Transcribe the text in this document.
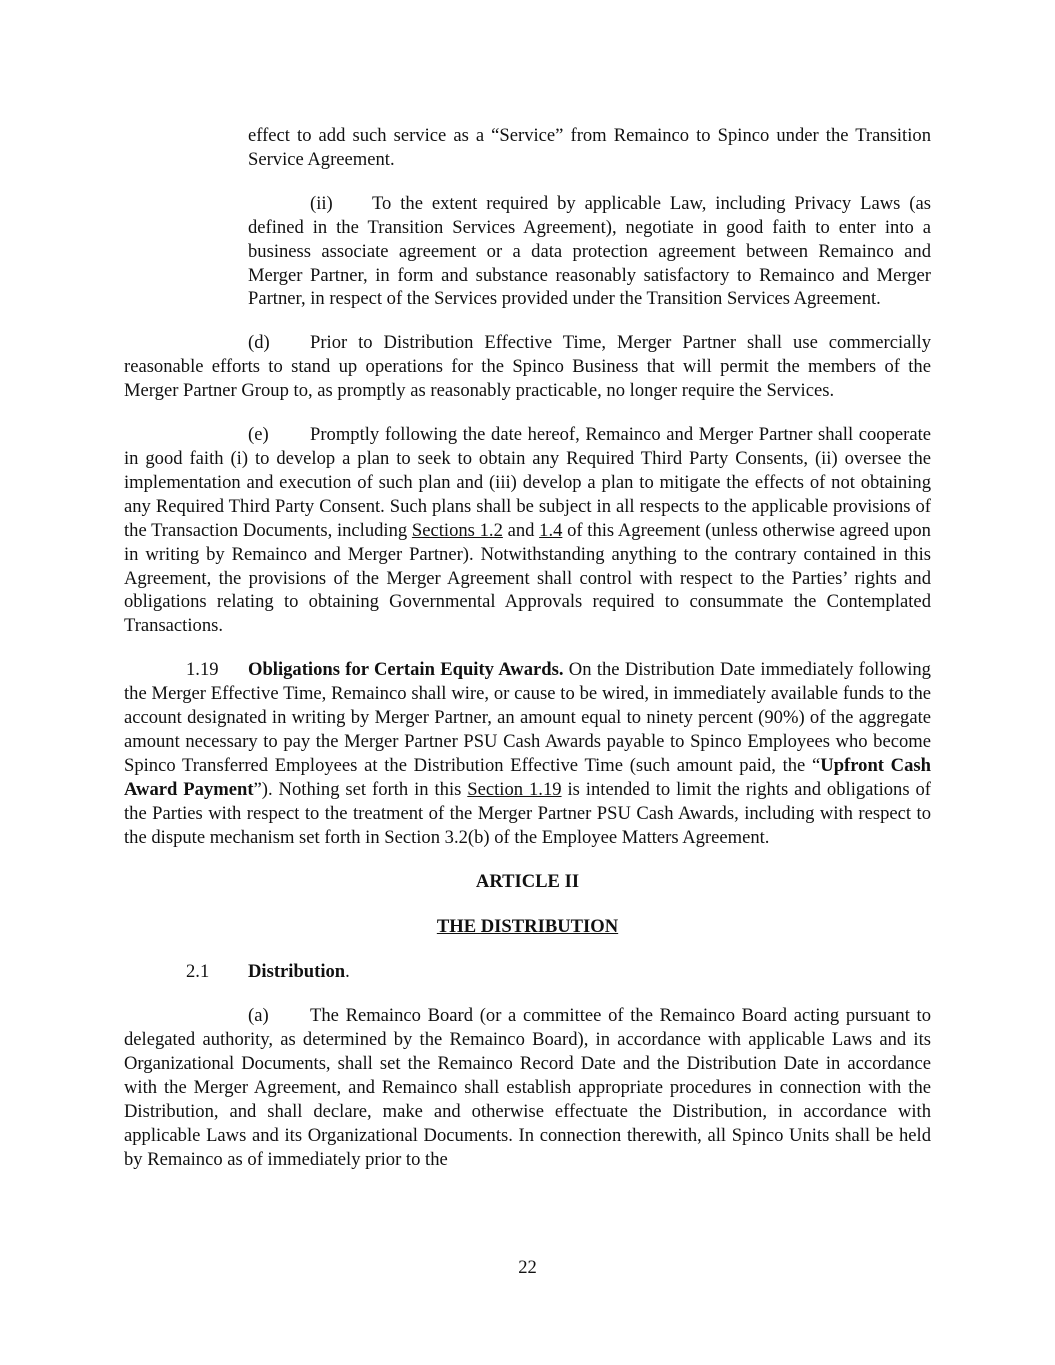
effect to add such service as a “Service” from Remainco to Spinco under the Transition Service Agreement.

(ii) To the extent required by applicable Law, including Privacy Laws (as defined in the Transition Services Agreement), negotiate in good faith to enter into a business associate agreement or a data protection agreement between Remainco and Merger Partner, in form and substance reasonably satisfactory to Remainco and Merger Partner, in respect of the Services provided under the Transition Services Agreement.

(d) Prior to Distribution Effective Time, Merger Partner shall use commercially reasonable efforts to stand up operations for the Spinco Business that will permit the members of the Merger Partner Group to, as promptly as reasonably practicable, no longer require the Services.

(e) Promptly following the date hereof, Remainco and Merger Partner shall cooperate in good faith (i) to develop a plan to seek to obtain any Required Third Party Consents, (ii) oversee the implementation and execution of such plan and (iii) develop a plan to mitigate the effects of not obtaining any Required Third Party Consent. Such plans shall be subject in all respects to the applicable provisions of the Transaction Documents, including Sections 1.2 and 1.4 of this Agreement (unless otherwise agreed upon in writing by Remainco and Merger Partner). Notwithstanding anything to the contrary contained in this Agreement, the provisions of the Merger Agreement shall control with respect to the Parties’ rights and obligations relating to obtaining Governmental Approvals required to consummate the Contemplated Transactions.

1.19 Obligations for Certain Equity Awards. On the Distribution Date immediately following the Merger Effective Time, Remainco shall wire, or cause to be wired, in immediately available funds to the account designated in writing by Merger Partner, an amount equal to ninety percent (90%) of the aggregate amount necessary to pay the Merger Partner PSU Cash Awards payable to Spinco Employees who become Spinco Transferred Employees at the Distribution Effective Time (such amount paid, the “Upfront Cash Award Payment”). Nothing set forth in this Section 1.19 is intended to limit the rights and obligations of the Parties with respect to the treatment of the Merger Partner PSU Cash Awards, including with respect to the dispute mechanism set forth in Section 3.2(b) of the Employee Matters Agreement.

ARTICLE II

THE DISTRIBUTION

2.1 Distribution.

(a) The Remainco Board (or a committee of the Remainco Board acting pursuant to delegated authority, as determined by the Remainco Board), in accordance with applicable Laws and its Organizational Documents, shall set the Remainco Record Date and the Distribution Date in accordance with the Merger Agreement, and Remainco shall establish appropriate procedures in connection with the Distribution, and shall declare, make and otherwise effectuate the Distribution, in accordance with applicable Laws and its Organizational Documents. In connection therewith, all Spinco Units shall be held by Remainco as of immediately prior to the

22
